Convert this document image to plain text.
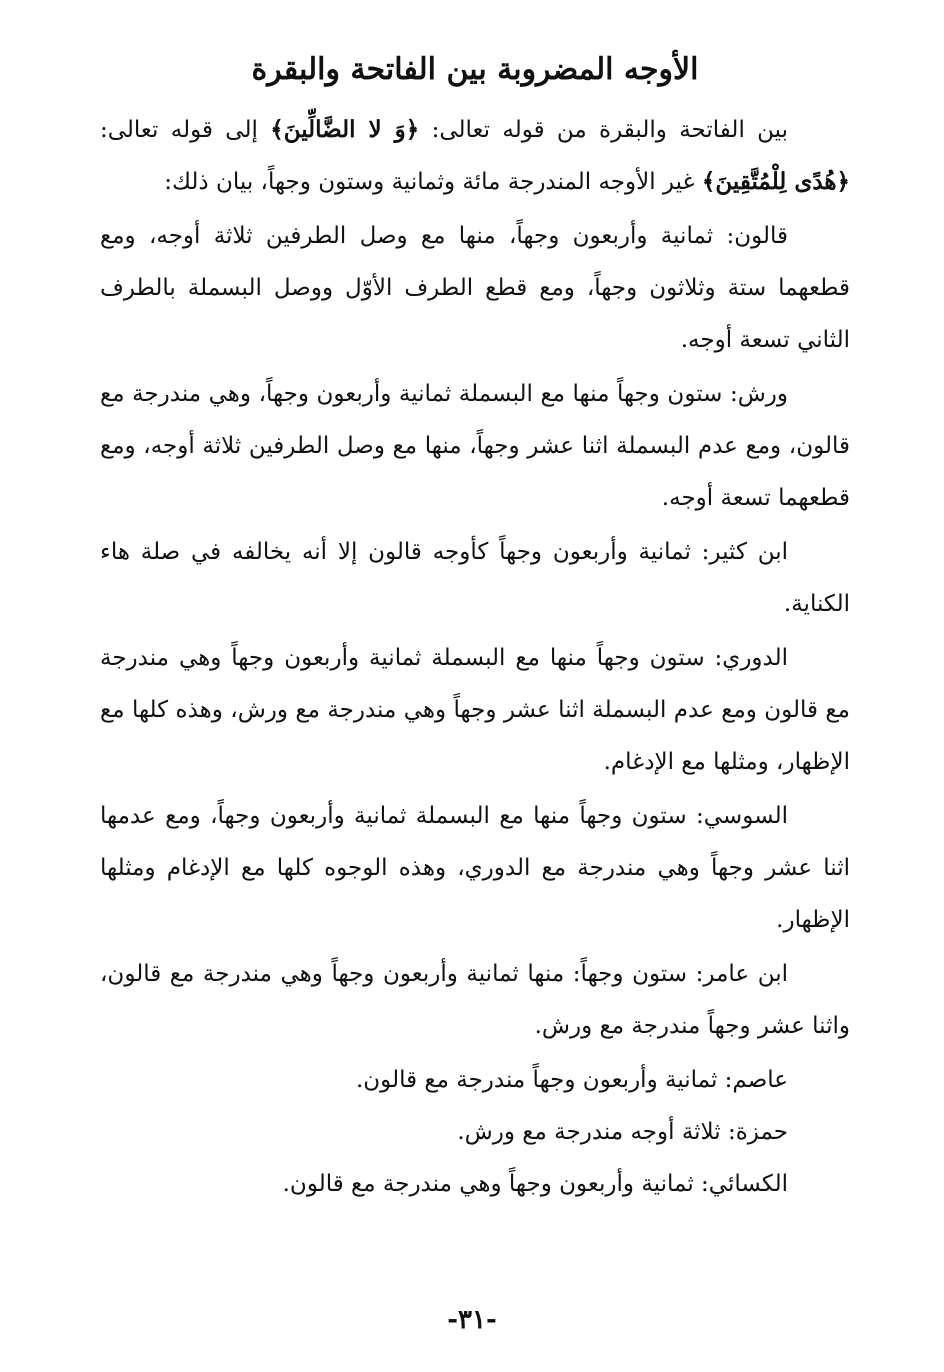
الأوجه المضروبة بين الفاتحة والبقرة

بين الفاتحة والبقرة من قوله تعالى: ﴿وَ لا الضَّالِّينَ﴾ إلى قوله تعالى: ﴿هُدًى لِلْمُتَّقِينَ﴾ غير الأوجه المندرجة مائة وثمانية وستون وجهاً، بيان ذلك:

قالون: ثمانية وأربعون وجهاً، منها مع وصل الطرفين ثلاثة أوجه، ومع قطعهما ستة وثلاثون وجهاً، ومع قطع الطرف الأوّل ووصل البسملة بالطرف الثاني تسعة أوجه.

ورش: ستون وجهاً منها مع البسملة ثمانية وأربعون وجهاً، وهي مندرجة مع قالون، ومع عدم البسملة اثنا عشر وجهاً، منها مع وصل الطرفين ثلاثة أوجه، ومع قطعهما تسعة أوجه.

ابن كثير: ثمانية وأربعون وجهاً كأوجه قالون إلا أنه يخالفه في صلة هاء الكناية.

الدوري: ستون وجهاً منها مع البسملة ثمانية وأربعون وجهاً وهي مندرجة مع قالون ومع عدم البسملة اثنا عشر وجهاً وهي مندرجة مع ورش، وهذه كلها مع الإظهار، ومثلها مع الإدغام.

السوسي: ستون وجهاً منها مع البسملة ثمانية وأربعون وجهاً، ومع عدمها اثنا عشر وجهاً وهي مندرجة مع الدوري، وهذه الوجوه كلها مع الإدغام ومثلها الإظهار.

ابن عامر: ستون وجهاً: منها ثمانية وأربعون وجهاً وهي مندرجة مع قالون، واثنا عشر وجهاً مندرجة مع ورش.

عاصم: ثمانية وأربعون وجهاً مندرجة مع قالون.

حمزة: ثلاثة أوجه مندرجة مع ورش.

الكسائي: ثمانية وأربعون وجهاً وهي مندرجة مع قالون.

-٣١-
